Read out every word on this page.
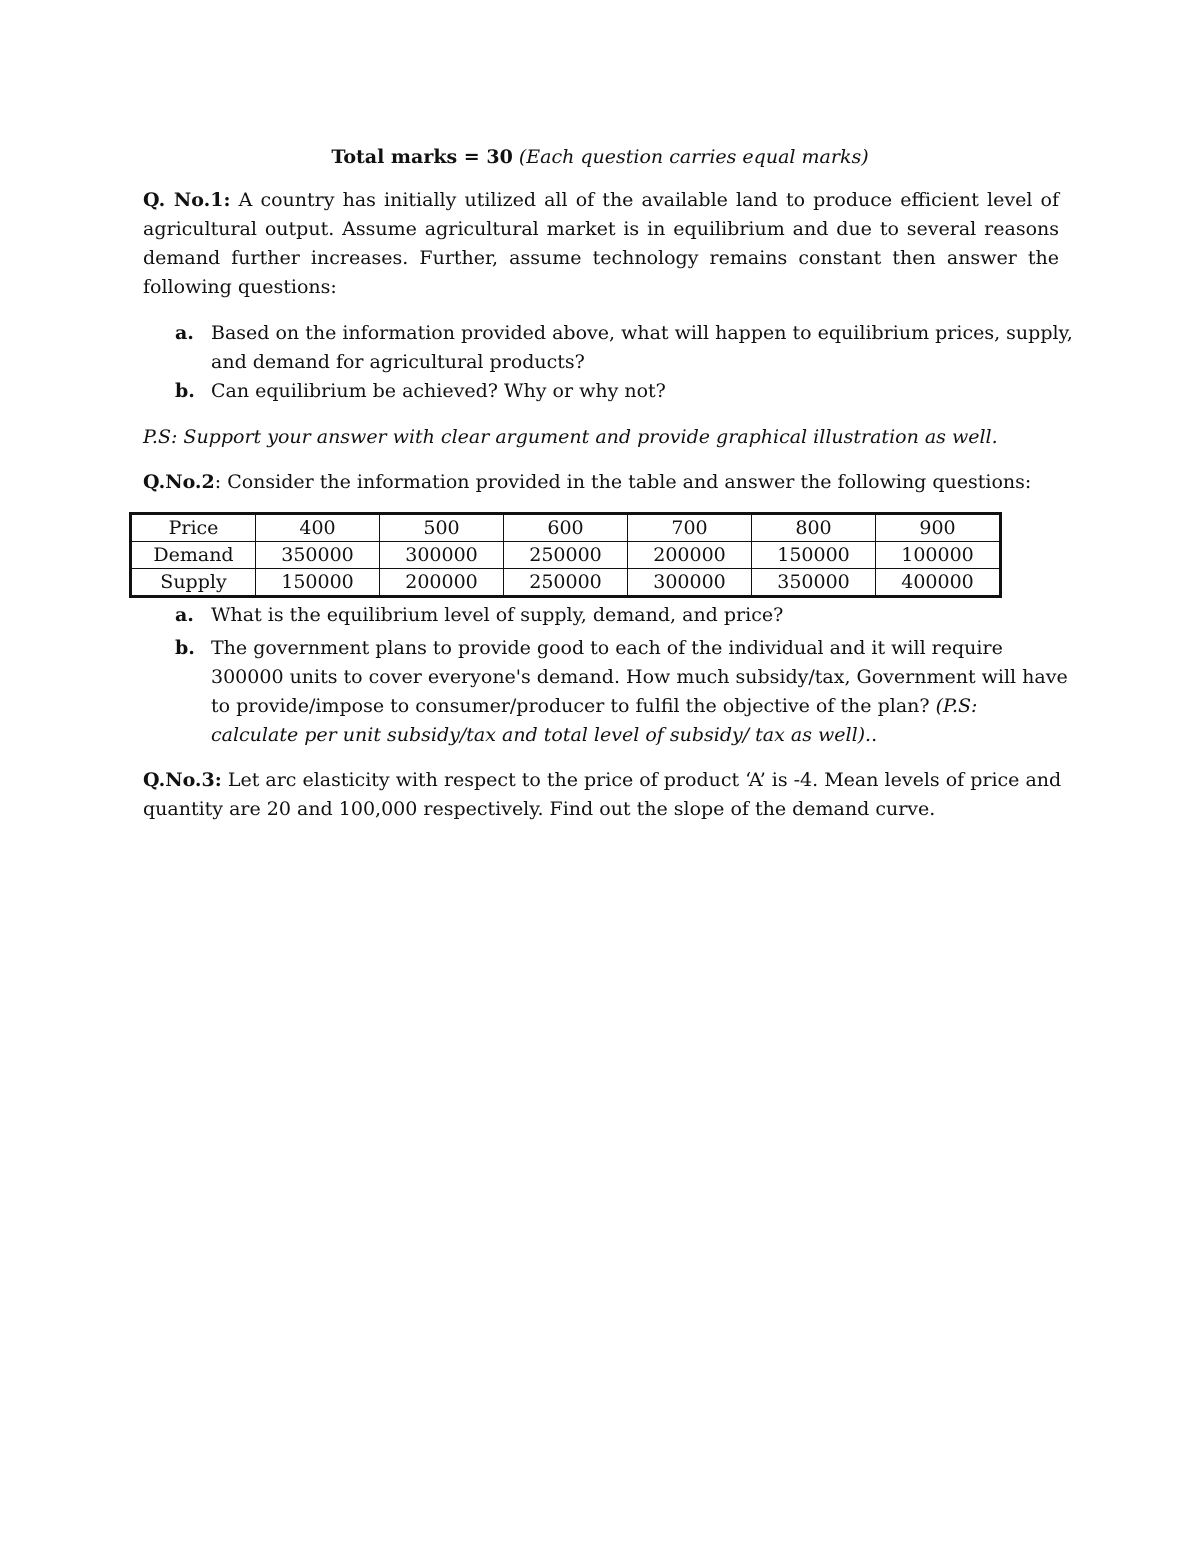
Total marks = 30 (Each question carries equal marks)
Q. No.1: A country has initially utilized all of the available land to produce efficient level of
agricultural output. Assume agricultural market is in equilibrium and due to several reasons
demand further increases. Further, assume technology remains constant then answer the
following questions:
a. Based on the information provided above, what will happen to equilibrium prices, supply,
and demand for agricultural products?
b. Can equilibrium be achieved? Why or why not?
P.S: Support your answer with clear argument and provide graphical illustration as well.
Q.No.2: Consider the information provided in the table and answer the following questions:
Price	400	500	600	700	800	900
Demand	350000	300000	250000	200000	150000	100000
Supply	150000	200000	250000	300000	350000	400000
a. What is the equilibrium level of supply, demand, and price?
b. The government plans to provide good to each of the individual and it will require
300000 units to cover everyone's demand. How much subsidy/tax, Government will have
to provide/impose to consumer/producer to fulfil the objective of the plan? (P.S:
calculate per unit subsidy/tax and total level of subsidy/ tax as well)..
Q.No.3: Let arc elasticity with respect to the price of product ‘A’ is -4. Mean levels of price and
quantity are 20 and 100,000 respectively. Find out the slope of the demand curve.
